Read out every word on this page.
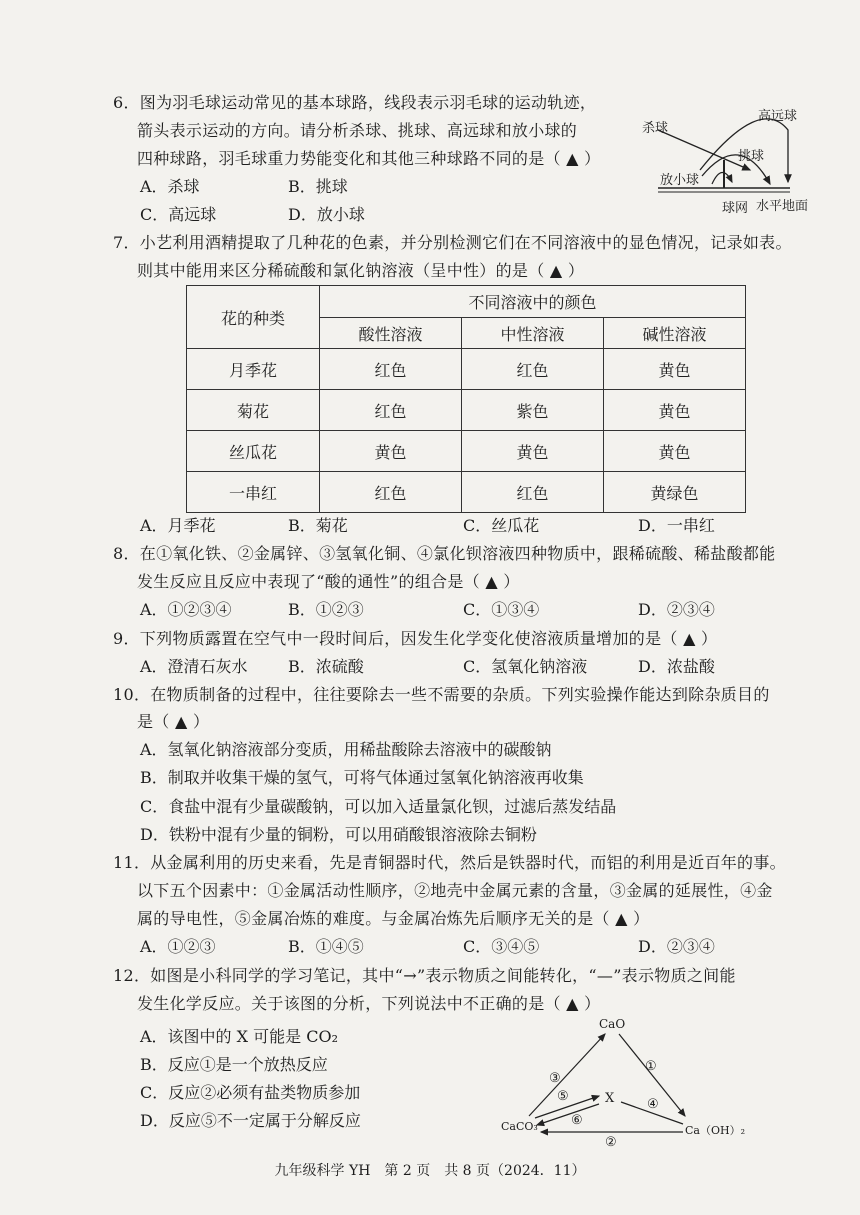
6．图为羽毛球运动常见的基本球路，线段表示羽毛球的运动轨迹，
箭头表示运动的方向。请分析杀球、挑球、高远球和放小球的
四种球路，羽毛球重力势能变化和其他三种球路不同的是（ ▲ ）
A．杀球	B．挑球
C．高远球	D．放小球
杀球
高远球
挑球
放小球
球网 水平地面
7．小艺利用酒精提取了几种花的色素，并分别检测它们在不同溶液中的显色情况，记录如表。
则其中能用来区分稀硫酸和氯化钠溶液（呈中性）的是（ ▲ ）
花的种类	不同溶液中的颜色		
	酸性溶液	中性溶液	碱性溶液
月季花	红色	红色	黄色
菊花	红色	紫色	黄色
丝瓜花	黄色	黄色	黄色
一串红	红色	红色	黄绿色
A．月季花	B．菊花	C．丝瓜花	D．一串红
8．在①氧化铁、②金属锌、③氢氧化铜、④氯化钡溶液四种物质中，跟稀硫酸、稀盐酸都能
发生反应且反应中表现了“酸的通性”的组合是（ ▲ ）
A．①②③④	B．①②③	C．①③④	D．②③④
9．下列物质露置在空气中一段时间后，因发生化学变化使溶液质量增加的是（ ▲ ）
A．澄清石灰水	B．浓硫酸	C．氢氧化钠溶液	D．浓盐酸
10．在物质制备的过程中，往往要除去一些不需要的杂质。下列实验操作能达到除杂质目的
是（ ▲ ）
A．氢氧化钠溶液部分变质，用稀盐酸除去溶液中的碳酸钠
B．制取并收集干燥的氢气，可将气体通过氢氧化钠溶液再收集
C．食盐中混有少量碳酸钠，可以加入适量氯化钡，过滤后蒸发结晶
D．铁粉中混有少量的铜粉，可以用硝酸银溶液除去铜粉
11．从金属利用的历史来看，先是青铜器时代，然后是铁器时代，而铝的利用是近百年的事。
以下五个因素中：①金属活动性顺序，②地壳中金属元素的含量，③金属的延展性，④金
属的导电性，⑤金属冶炼的难度。与金属冶炼先后顺序无关的是（ ▲ ）
A．①②③	B．①④⑤	C．③④⑤	D．②③④
12．如图是小科同学的学习笔记，其中“→”表示物质之间能转化，“—”表示物质之间能
发生化学反应。关于该图的分析，下列说法中不正确的是（ ▲ ）
A．该图中的 X 可能是 CO₂
B．反应①是一个放热反应
C．反应②必须有盐类物质参加
D．反应⑤不一定属于分解反应
CaO
CaCO₃	Ca（OH）₂
X
①
②
③
④
⑤
⑥
九年级科学 YH　第 2 页　共 8 页（2024．11）
